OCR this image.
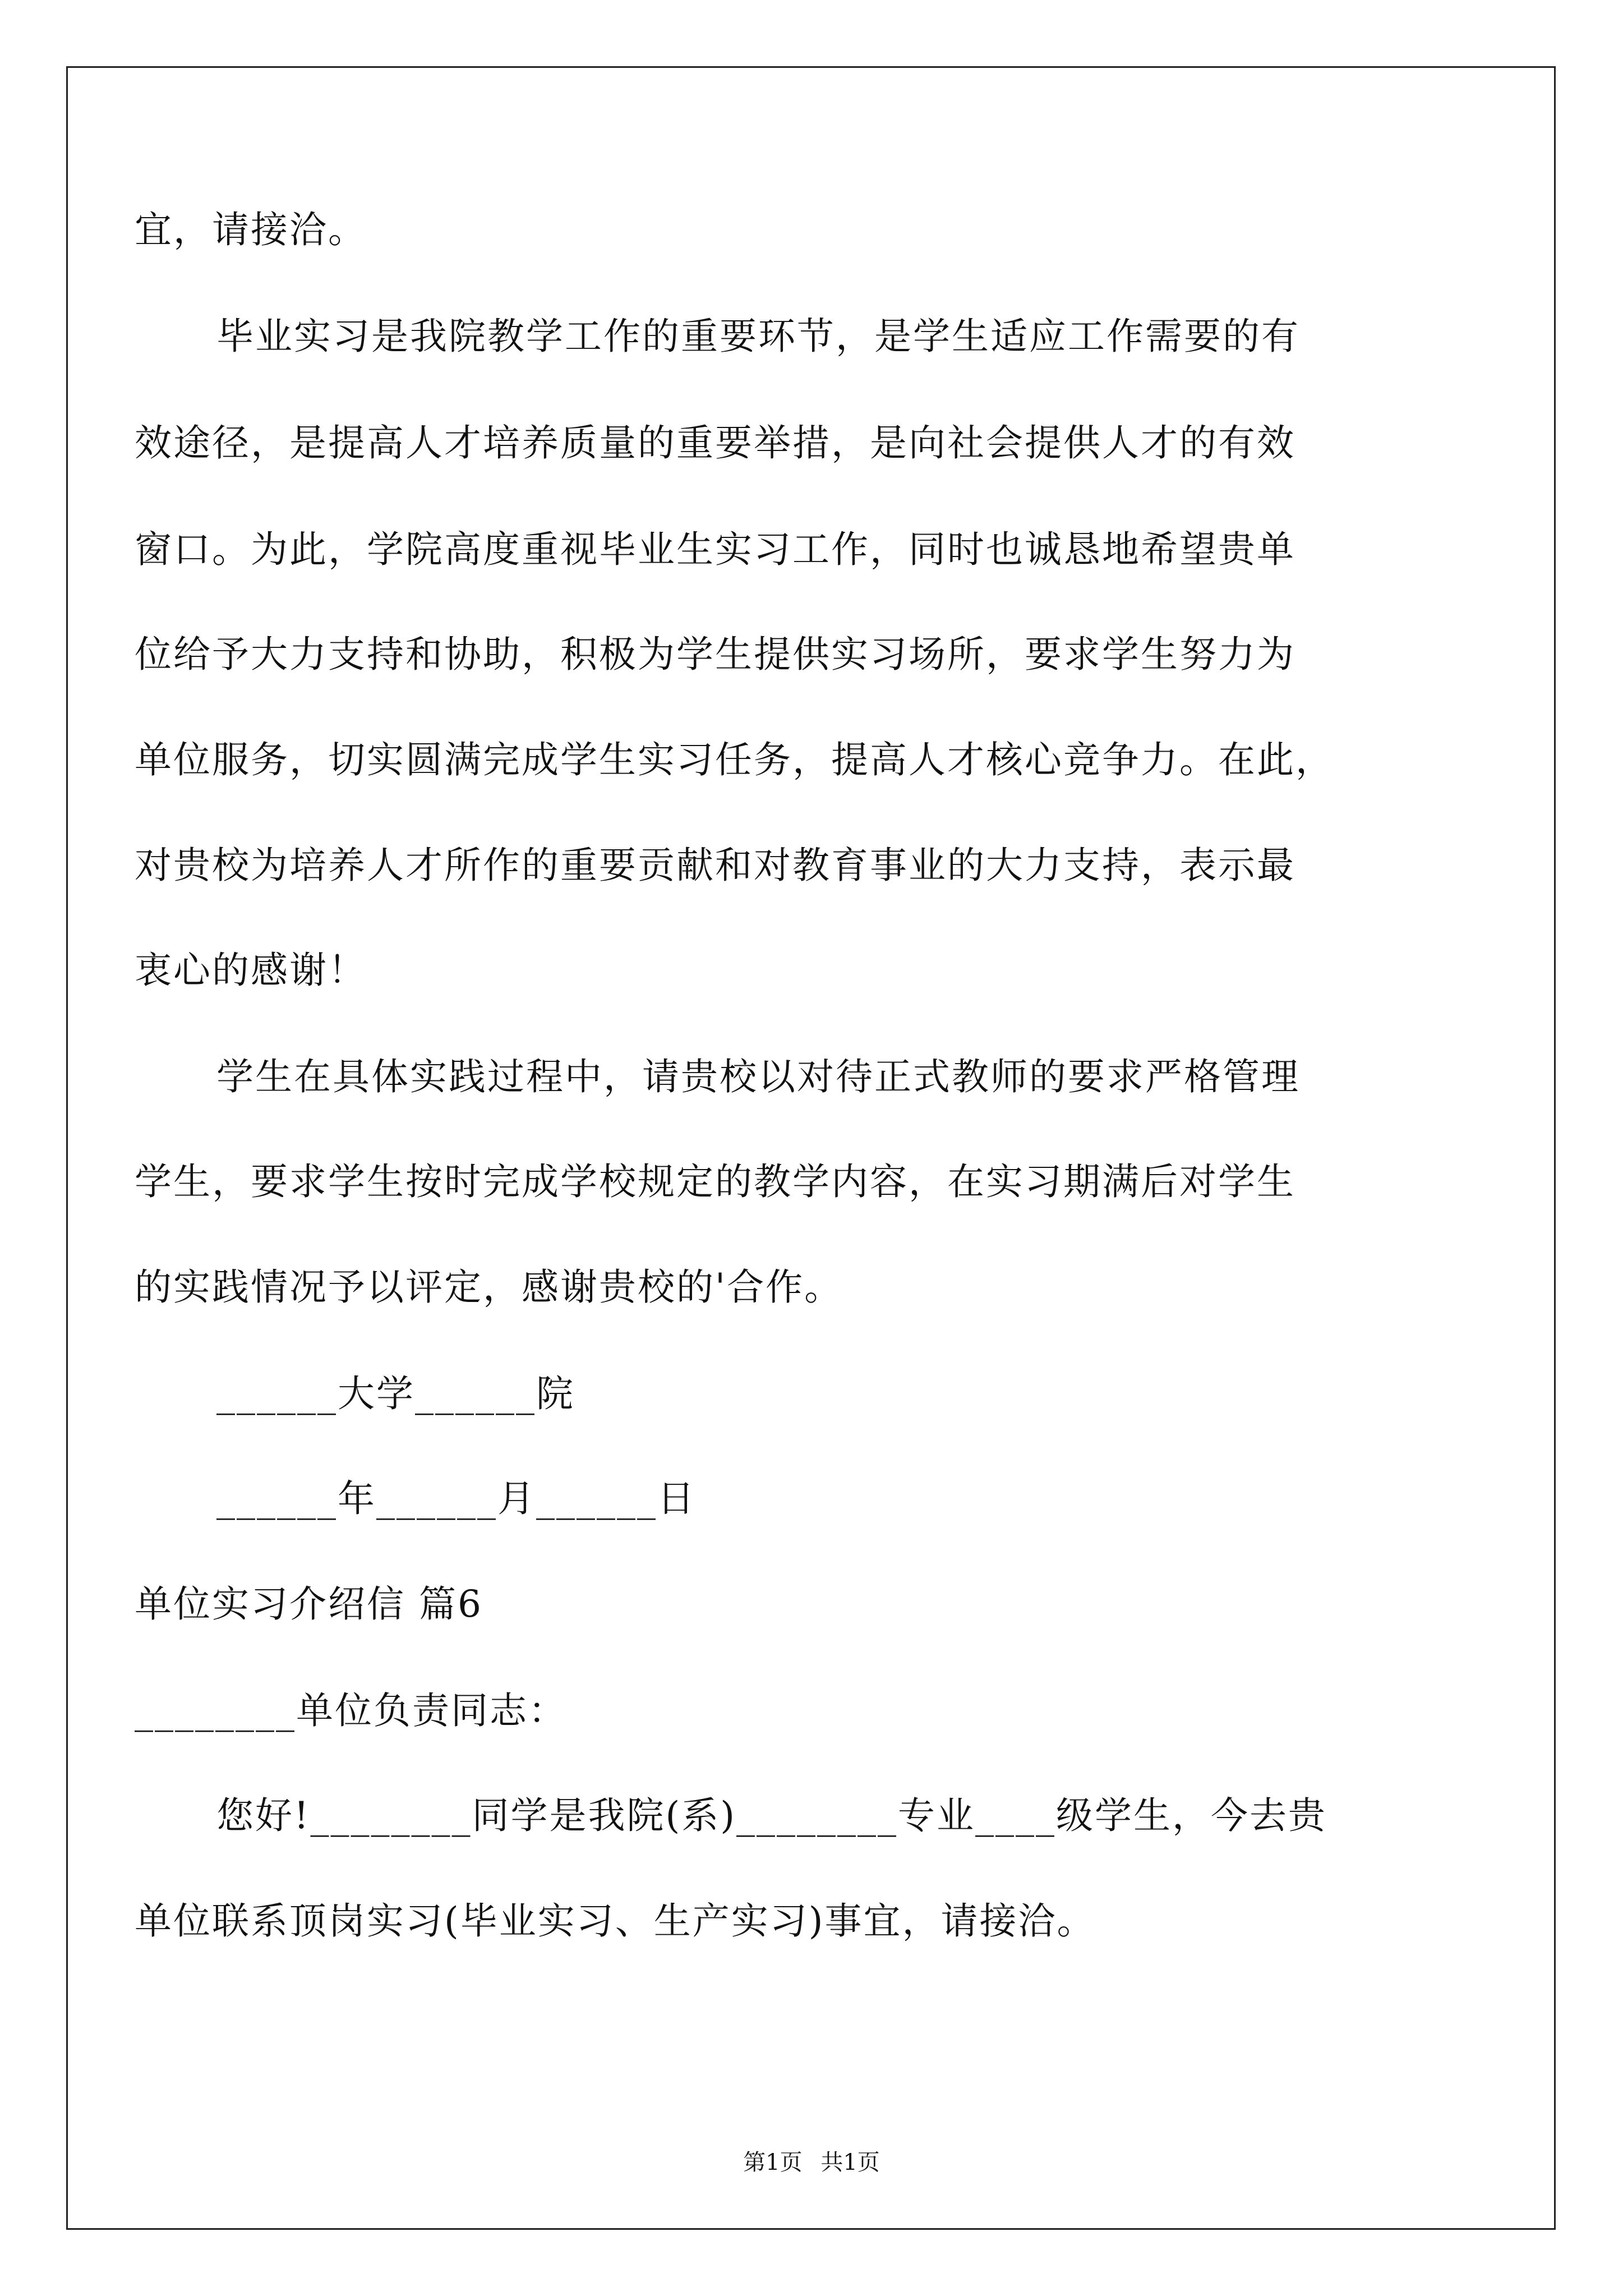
宜，请接洽。
毕业实习是我院教学工作的重要环节，是学生适应工作需要的有
效途径，是提高人才培养质量的重要举措，是向社会提供人才的有效
窗口。为此，学院高度重视毕业生实习工作，同时也诚恳地希望贵单
位给予大力支持和协助，积极为学生提供实习场所，要求学生努力为
单位服务，切实圆满完成学生实习任务，提高人才核心竞争力。在此，
对贵校为培养人才所作的重要贡献和对教育事业的大力支持，表示最
衷心的感谢！
学生在具体实践过程中，请贵校以对待正式教师的要求严格管理
学生，要求学生按时完成学校规定的教学内容，在实习期满后对学生
的实践情况予以评定，感谢贵校的'合作。
______大学______院
______年______月______日
单位实习介绍信 篇6
________单位负责同志：
您好!________同学是我院(系)________专业____级学生，今去贵
单位联系顶岗实习(毕业实习、生产实习)事宜，请接洽。
第1页 共1页
